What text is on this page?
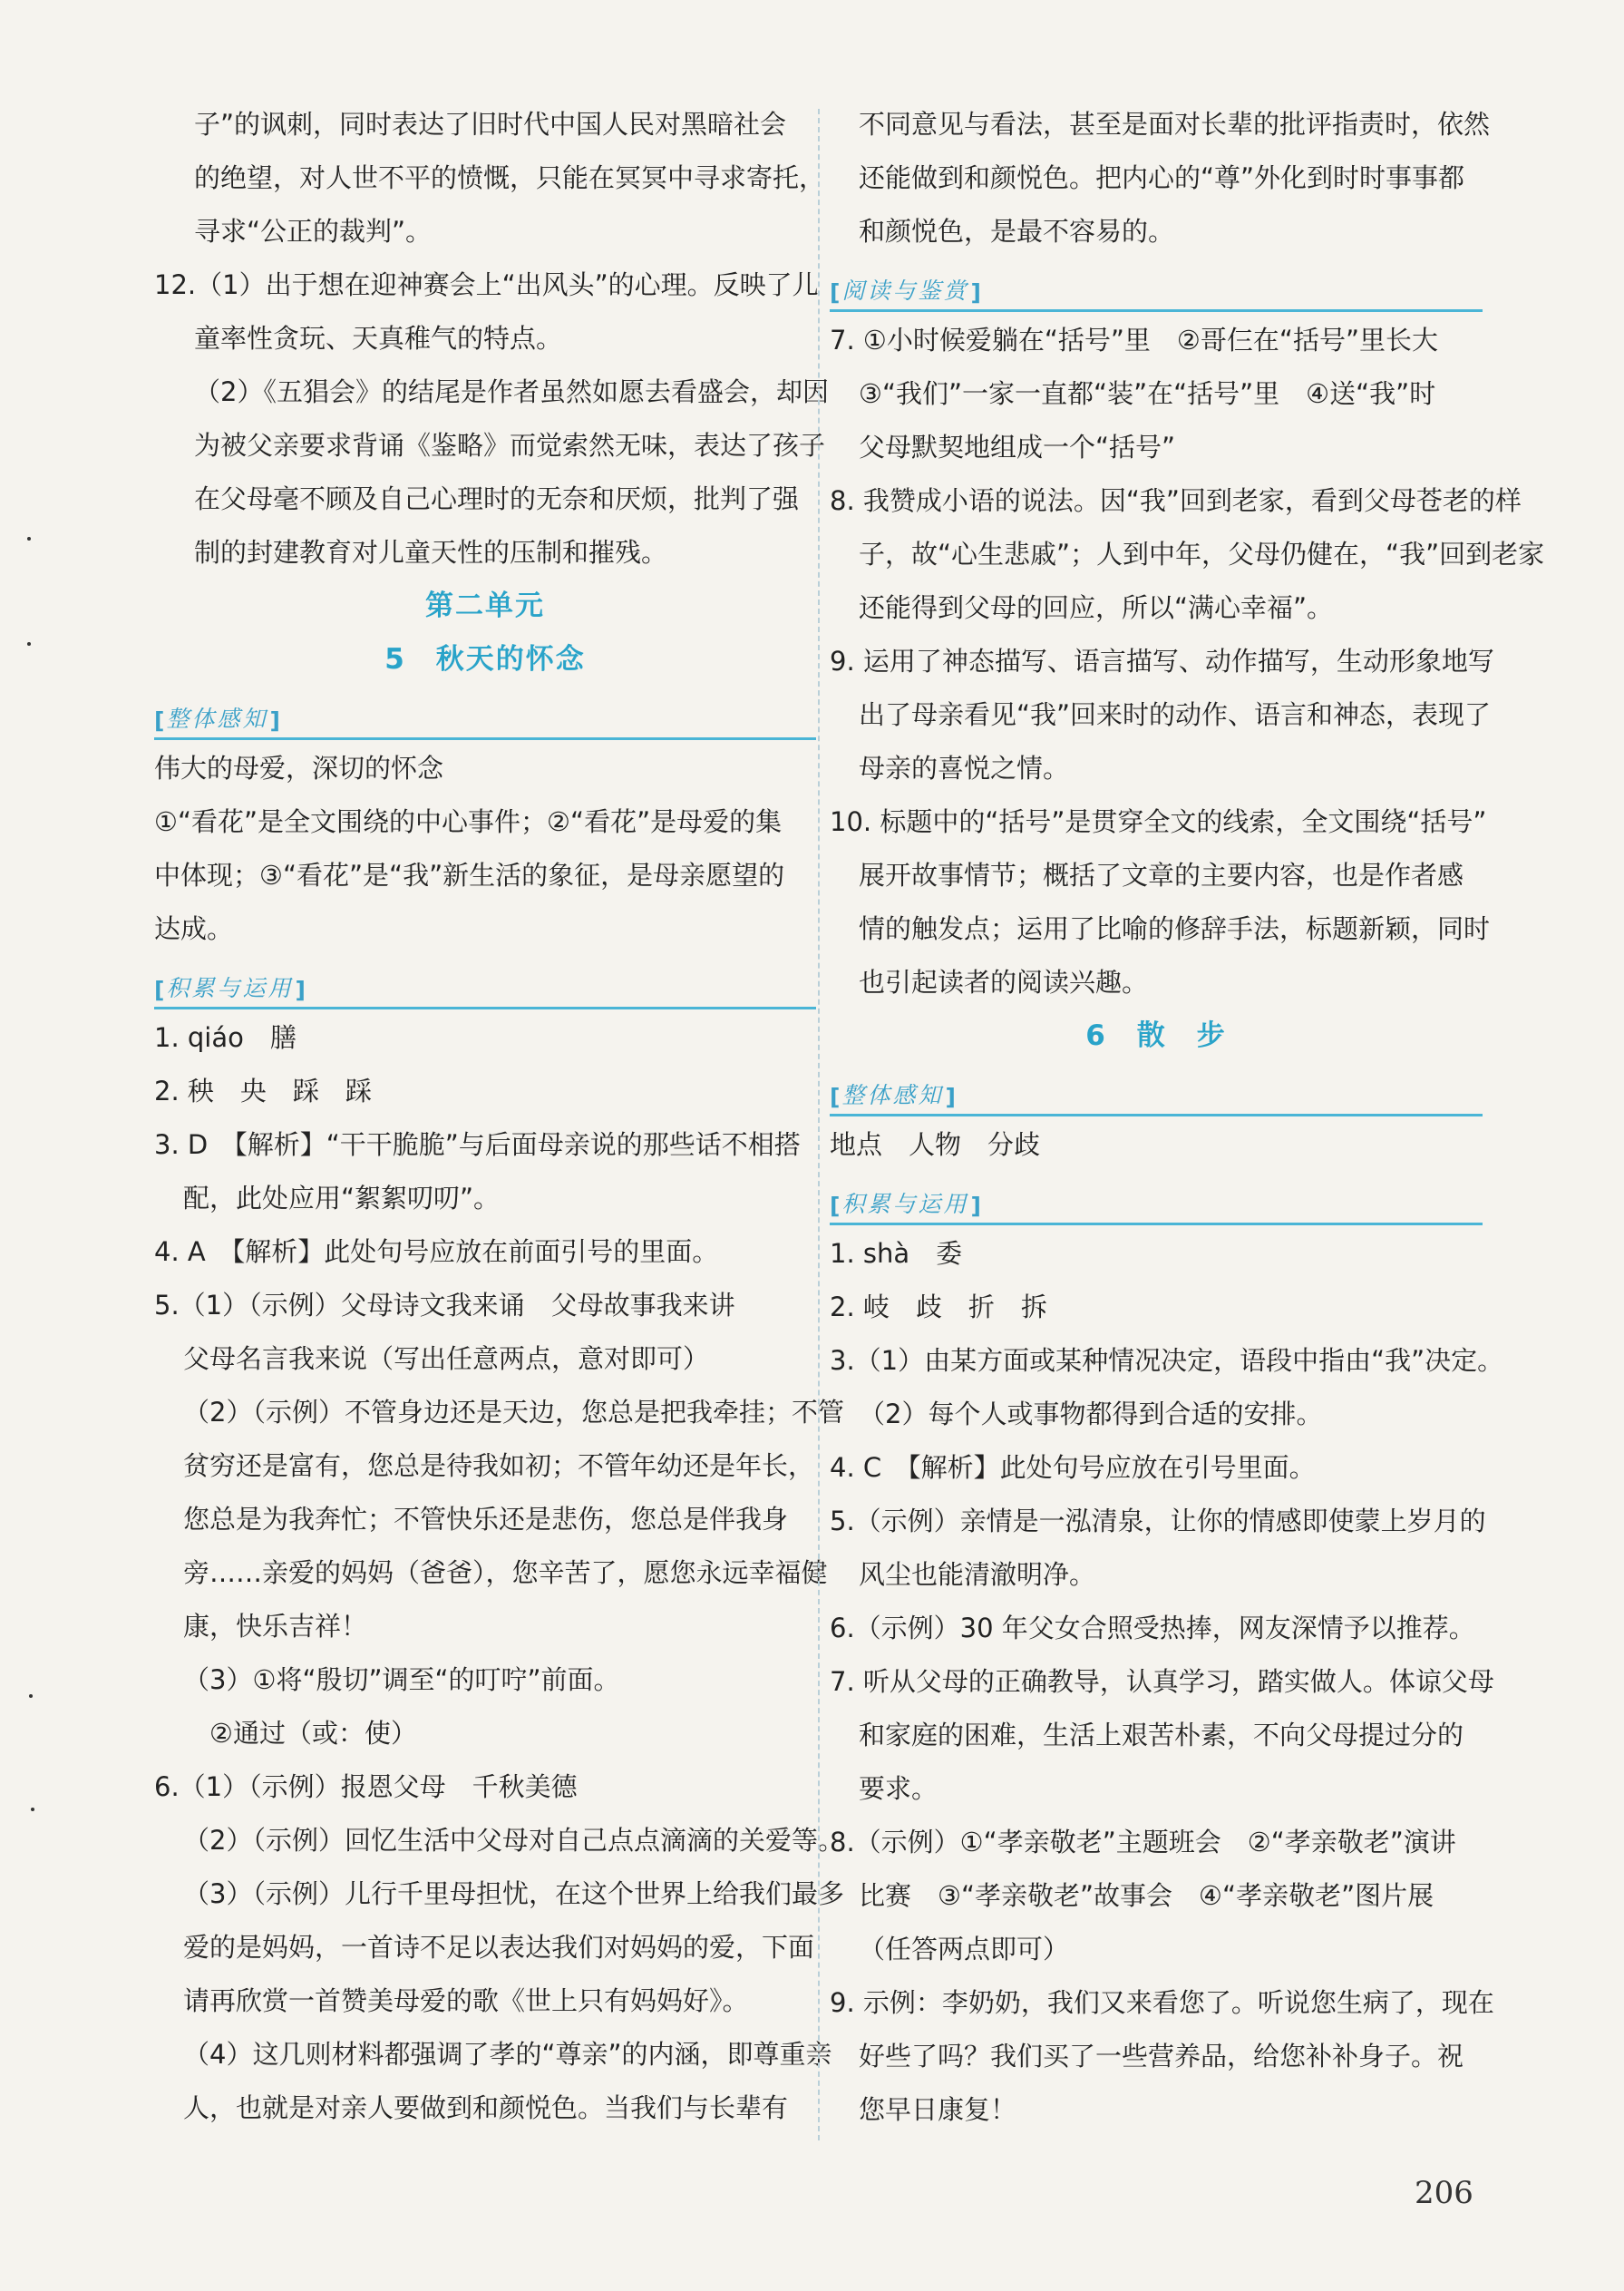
子”的讽刺，同时表达了旧时代中国人民对黑暗社会
的绝望，对人世不平的愤慨，只能在冥冥中寻求寄托，
寻求“公正的裁判”。
12.（1）出于想在迎神赛会上“出风头”的心理。反映了儿
童率性贪玩、天真稚气的特点。
（2）《五猖会》的结尾是作者虽然如愿去看盛会，却因
为被父亲要求背诵《鉴略》而觉索然无味，表达了孩子
在父母毫不顾及自己心理时的无奈和厌烦，批判了强
制的封建教育对儿童天性的压制和摧残。
第二单元
5　秋天的怀念
[ 整体感知 ]
伟大的母爱，深切的怀念
①“看花”是全文围绕的中心事件；②“看花”是母爱的集
中体现；③“看花”是“我”新生活的象征，是母亲愿望的
达成。
[ 积累与运用 ]
1. qiáo　膳
2. 秧　央　踩　踩
3. D　【解析】“干干脆脆”与后面母亲说的那些话不相搭
配，此处应用“絮絮叨叨”。
4. A　【解析】此处句号应放在前面引号的里面。
5.（1）（示例）父母诗文我来诵　父母故事我来讲
父母名言我来说（写出任意两点，意对即可）
（2）（示例）不管身边还是天边，您总是把我牵挂；不管
贫穷还是富有，您总是待我如初；不管年幼还是年长，
您总是为我奔忙；不管快乐还是悲伤，您总是伴我身
旁……亲爱的妈妈（爸爸），您辛苦了，愿您永远幸福健
康，快乐吉祥！
（3）①将“殷切”调至“的叮咛”前面。
　②通过（或：使）
6.（1）（示例）报恩父母　千秋美德
（2）（示例）回忆生活中父母对自己点点滴滴的关爱等。
（3）（示例）儿行千里母担忧，在这个世界上给我们最多
爱的是妈妈，一首诗不足以表达我们对妈妈的爱，下面
请再欣赏一首赞美母爱的歌《世上只有妈妈好》。
（4）这几则材料都强调了孝的“尊亲”的内涵，即尊重亲
人，也就是对亲人要做到和颜悦色。当我们与长辈有
不同意见与看法，甚至是面对长辈的批评指责时，依然
还能做到和颜悦色。把内心的“尊”外化到时时事事都
和颜悦色，是最不容易的。
[ 阅读与鉴赏 ]
7. ①小时候爱躺在“括号”里　②哥仨在“括号”里长大
③“我们”一家一直都“装”在“括号”里　④送“我”时
父母默契地组成一个“括号”
8. 我赞成小语的说法。因“我”回到老家，看到父母苍老的样
子，故“心生悲戚”；人到中年，父母仍健在，“我”回到老家
还能得到父母的回应，所以“满心幸福”。
9. 运用了神态描写、语言描写、动作描写，生动形象地写
出了母亲看见“我”回来时的动作、语言和神态，表现了
母亲的喜悦之情。
10. 标题中的“括号”是贯穿全文的线索，全文围绕“括号”
展开故事情节；概括了文章的主要内容，也是作者感
情的触发点；运用了比喻的修辞手法，标题新颖，同时
也引起读者的阅读兴趣。
6　散　步
[ 整体感知 ]
地点　人物　分歧
[ 积累与运用 ]
1. shà　委
2. 岐　歧　折　拆
3.（1）由某方面或某种情况决定，语段中指由“我”决定。
（2）每个人或事物都得到合适的安排。
4. C　【解析】此处句号应放在引号里面。
5.（示例）亲情是一泓清泉，让你的情感即使蒙上岁月的
风尘也能清澈明净。
6.（示例）30 年父女合照受热捧，网友深情予以推荐。
7. 听从父母的正确教导，认真学习，踏实做人。体谅父母
和家庭的困难，生活上艰苦朴素，不向父母提过分的
要求。
8.（示例）①“孝亲敬老”主题班会　②“孝亲敬老”演讲
比赛　③“孝亲敬老”故事会　④“孝亲敬老”图片展
（任答两点即可）
9. 示例：李奶奶，我们又来看您了。听说您生病了，现在
好些了吗？我们买了一些营养品，给您补补身子。祝
您早日康复！
206
